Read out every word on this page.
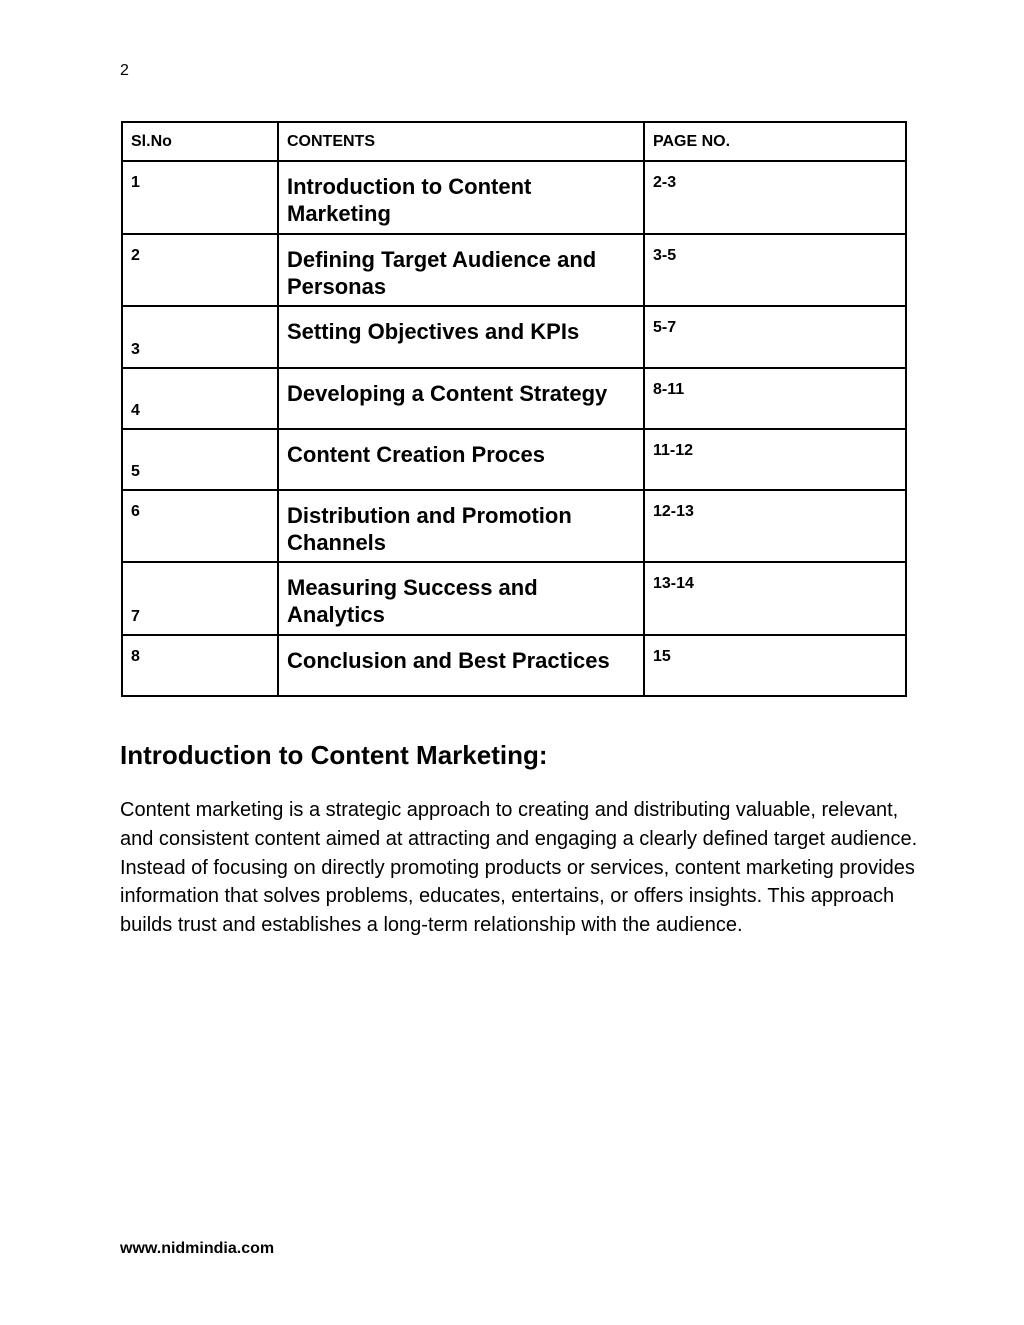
2
Sl.No	CONTENTS	PAGE NO.
1	Introduction to Content Marketing	2-3
2	Defining Target Audience and Personas	3-5
3	Setting Objectives and KPIs	5-7
4	Developing a Content Strategy	8-11
5	Content Creation Proces	11-12
6	Distribution and Promotion Channels	12-13
7	Measuring Success and Analytics	13-14
8	Conclusion and Best Practices	15
Introduction to Content Marketing:

Content marketing is a strategic approach to creating and distributing valuable, relevant, and consistent content aimed at attracting and engaging a clearly defined target audience. Instead of focusing on directly promoting products or services, content marketing provides information that solves problems, educates, entertains, or offers insights. This approach builds trust and establishes a long-term relationship with the audience.

www.nidmindia.com
